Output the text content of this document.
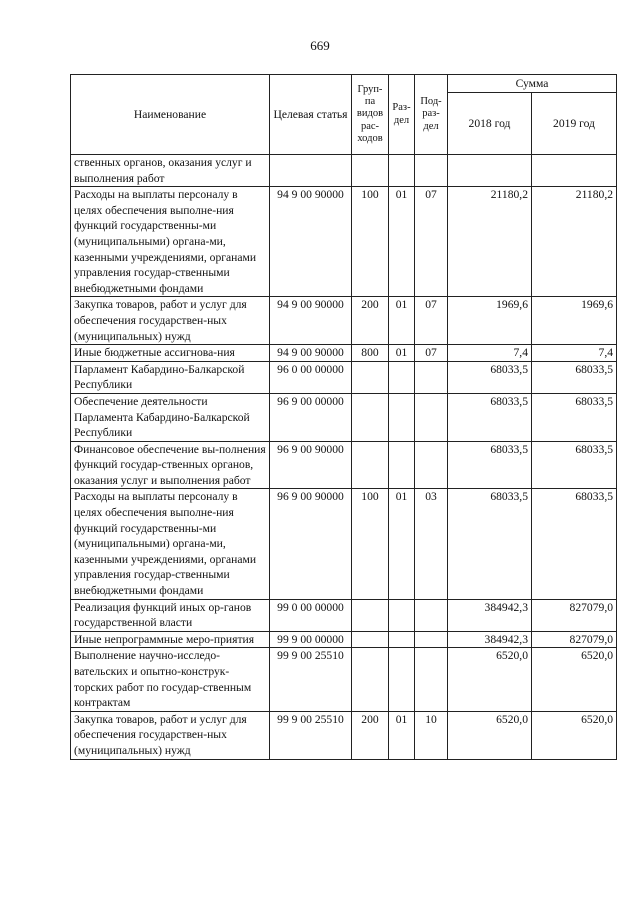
669
Наименование	Целевая статья	Груп-па видов рас-ходов	Раз-дел	Под-раз-дел	Сумма	
					2018 год	2019 год
ственных органов, оказания услуг и выполнения работ						
Расходы на выплаты персоналу в целях обеспечения выполне-ния функций государственны-ми (муниципальными) органа-ми, казенными учреждениями, органами управления государ-ственными внебюджетными фондами	94 9 00 90000	100	01	07	21180,2	21180,2
Закупка товаров, работ и услуг для обеспечения государствен-ных (муниципальных) нужд	94 9 00 90000	200	01	07	1969,6	1969,6
Иные бюджетные ассигнова-ния	94 9 00 90000	800	01	07	7,4	7,4
Парламент Кабардино-Балкарской Республики	96 0 00 00000				68033,5	68033,5
Обеспечение деятельности Парламента Кабардино-Балкарской Республики	96 9 00 00000				68033,5	68033,5
Финансовое обеспечение вы-полнения функций государ-ственных органов, оказания услуг и выполнения работ	96 9 00 90000				68033,5	68033,5
Расходы на выплаты персоналу в целях обеспечения выполне-ния функций государственны-ми (муниципальными) органа-ми, казенными учреждениями, органами управления государ-ственными внебюджетными фондами	96 9 00 90000	100	01	03	68033,5	68033,5
Реализация функций иных ор-ганов государственной власти	99 0 00 00000				384942,3	827079,0
Иные непрограммные меро-приятия	99 9 00 00000				384942,3	827079,0
Выполнение научно-исследо-вательских и опытно-конструк-торских работ по государ-ственным контрактам	99 9 00 25510				6520,0	6520,0
Закупка товаров, работ и услуг для обеспечения государствен-ных (муниципальных) нужд	99 9 00 25510	200	01	10	6520,0	6520,0
